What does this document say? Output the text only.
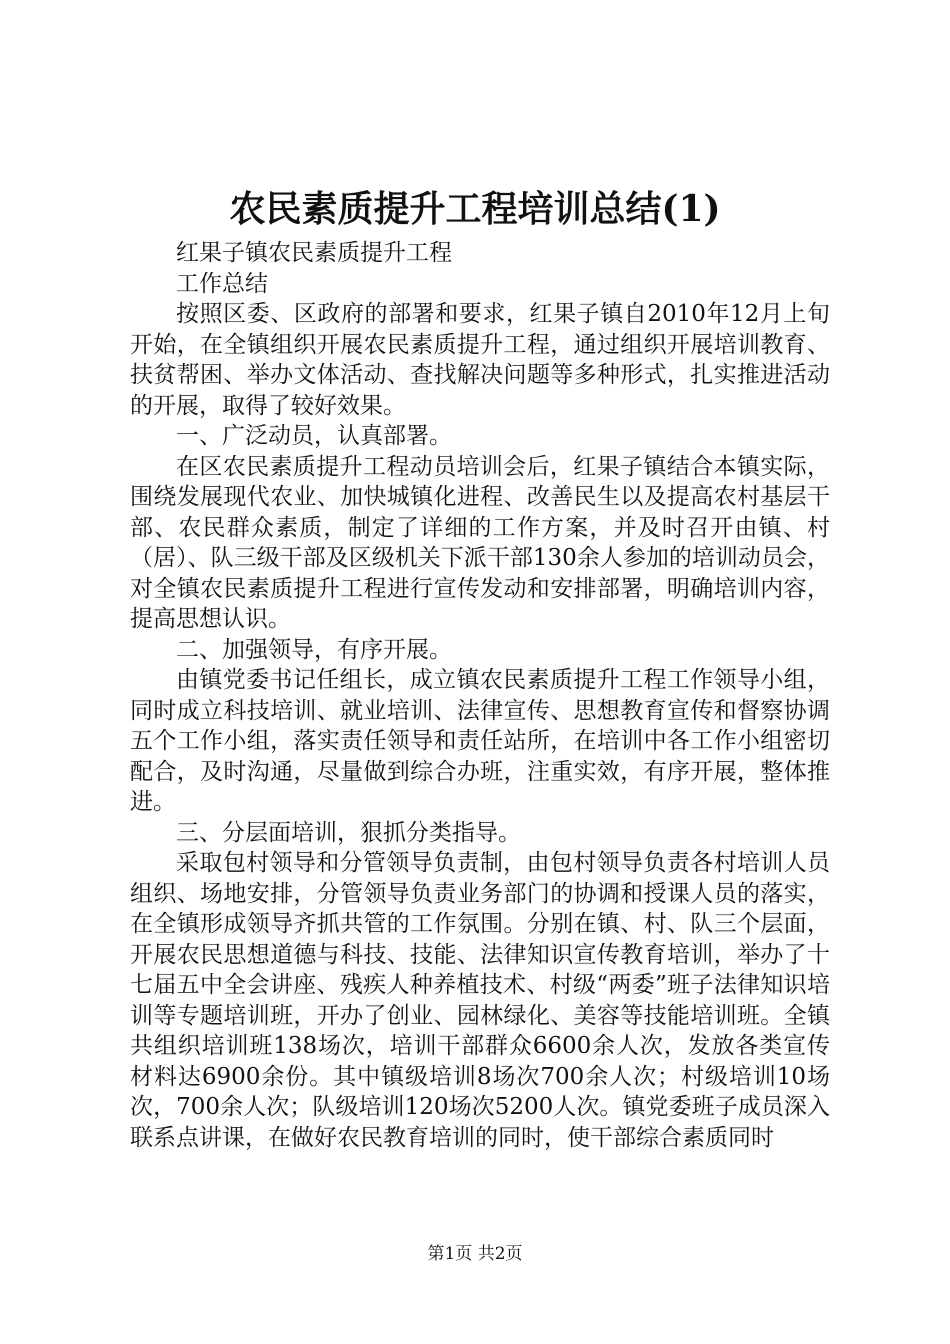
农民素质提升工程培训总结(1)

红果子镇农民素质提升工程

工作总结

按照区委、区政府的部署和要求，红果子镇自2010年12月上旬开始，在全镇组织开展农民素质提升工程，通过组织开展培训教育、扶贫帮困、举办文体活动、查找解决问题等多种形式，扎实推进活动的开展，取得了较好效果。

一、广泛动员，认真部署。

在区农民素质提升工程动员培训会后，红果子镇结合本镇实际，围绕发展现代农业、加快城镇化进程、改善民生以及提高农村基层干部、农民群众素质，制定了详细的工作方案，并及时召开由镇、村（居）、队三级干部及区级机关下派干部130余人参加的培训动员会，对全镇农民素质提升工程进行宣传发动和安排部署，明确培训内容，提高思想认识。

二、加强领导，有序开展。

由镇党委书记任组长，成立镇农民素质提升工程工作领导小组，同时成立科技培训、就业培训、法律宣传、思想教育宣传和督察协调五个工作小组，落实责任领导和责任站所，在培训中各工作小组密切配合，及时沟通，尽量做到综合办班，注重实效，有序开展，整体推进。

三、分层面培训，狠抓分类指导。

采取包村领导和分管领导负责制，由包村领导负责各村培训人员组织、场地安排，分管领导负责业务部门的协调和授课人员的落实，在全镇形成领导齐抓共管的工作氛围。分别在镇、村、队三个层面，开展农民思想道德与科技、技能、法律知识宣传教育培训，举办了十七届五中全会讲座、残疾人种养植技术、村级“两委”班子法律知识培训等专题培训班，开办了创业、园林绿化、美容等技能培训班。全镇共组织培训班138场次，培训干部群众6600余人次，发放各类宣传材料达6900余份。其中镇级培训8场次700余人次；村级培训10场次，700余人次；队级培训120场次5200人次。镇党委班子成员深入联系点讲课，在做好农民教育培训的同时，使干部综合素质同时

第1页 共2页
